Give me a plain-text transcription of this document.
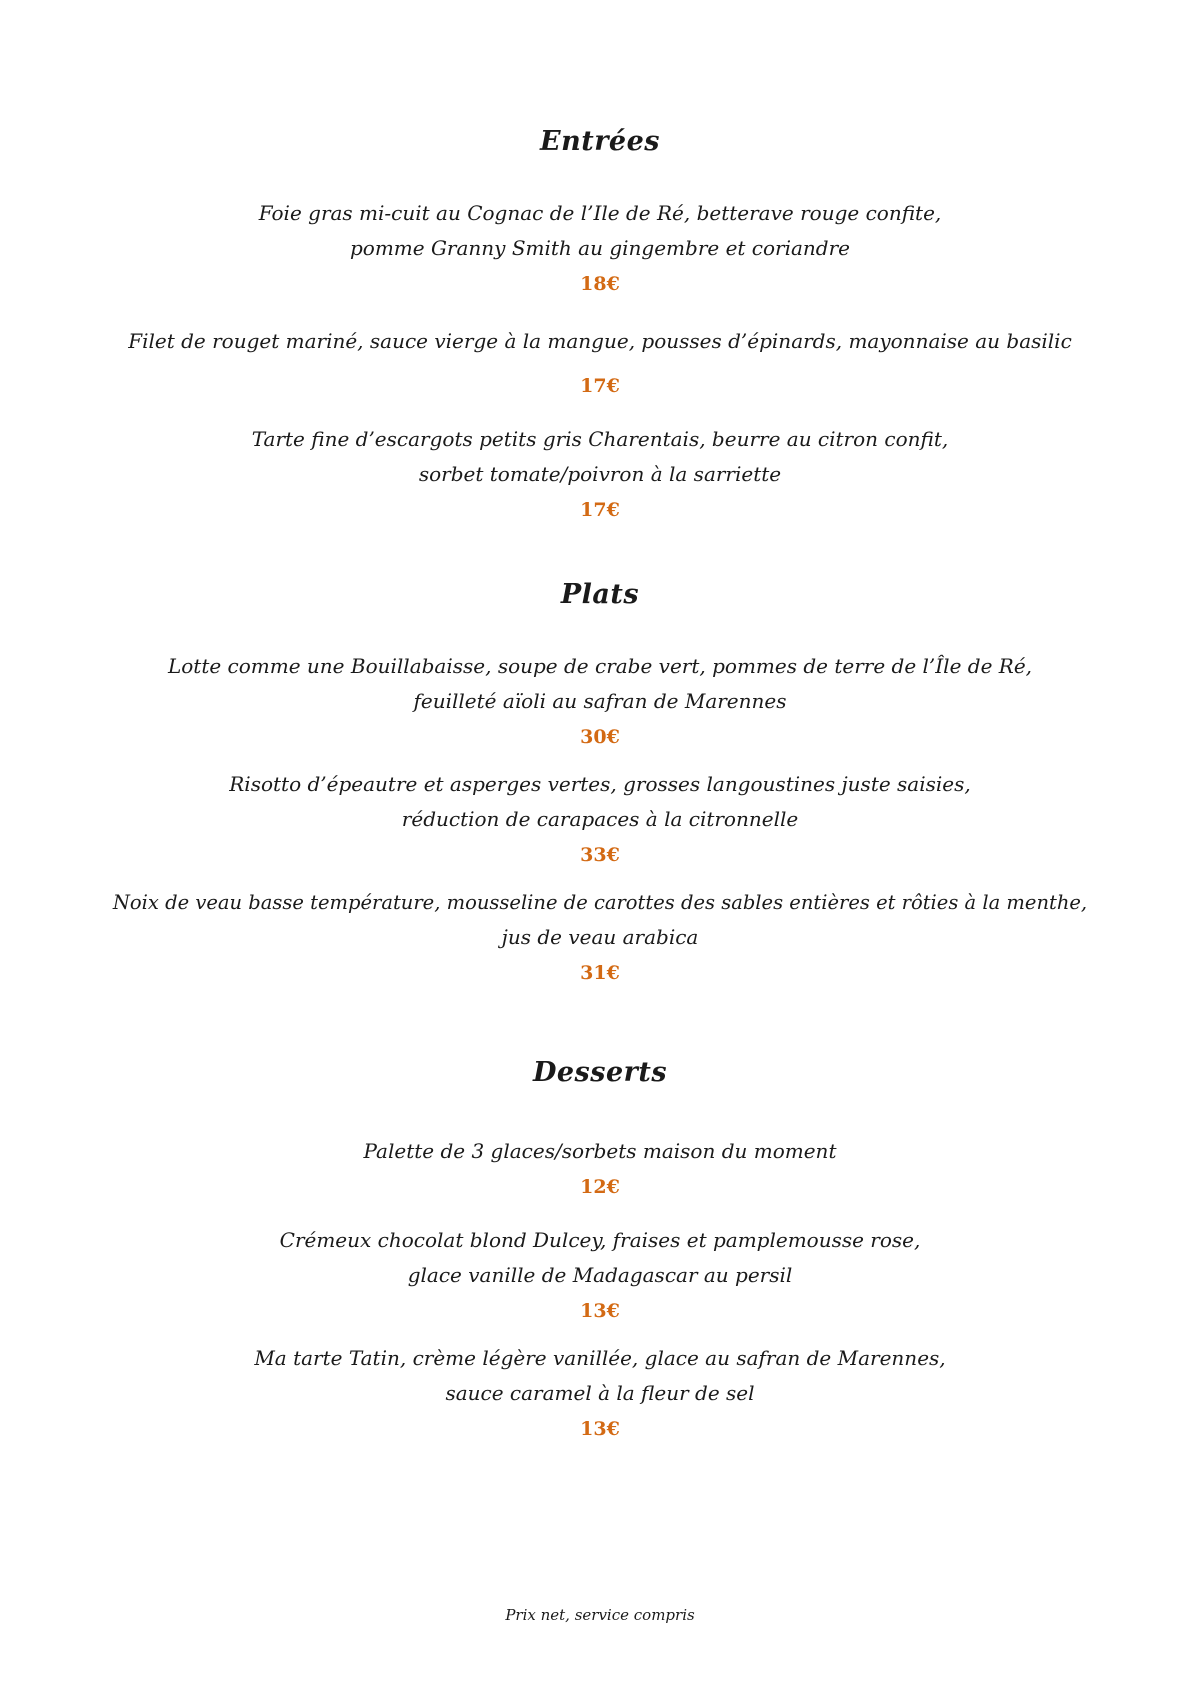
Entrées
Foie gras mi-cuit au Cognac de l’Ile de Ré, betterave rouge confite,
pomme Granny Smith au gingembre et coriandre
18€
Filet de rouget mariné, sauce vierge à la mangue, pousses d’épinards, mayonnaise au basilic
17€
Tarte fine d’escargots petits gris Charentais, beurre au citron confit,
sorbet tomate/poivron à la sarriette
17€
Plats
Lotte comme une Bouillabaisse, soupe de crabe vert, pommes de terre de l’Île de Ré,
feuilleté aïoli au safran de Marennes
30€
Risotto d’épeautre et asperges vertes, grosses langoustines juste saisies,
réduction de carapaces à la citronnelle
33€
Noix de veau basse température, mousseline de carottes des sables entières et rôties à la menthe,
jus de veau arabica
31€
Desserts
Palette de 3 glaces/sorbets maison du moment
12€
Crémeux chocolat blond Dulcey, fraises et pamplemousse rose,
glace vanille de Madagascar au persil
13€
Ma tarte Tatin, crème légère vanillée, glace au safran de Marennes,
sauce caramel à la fleur de sel
13€
Prix net, service compris
